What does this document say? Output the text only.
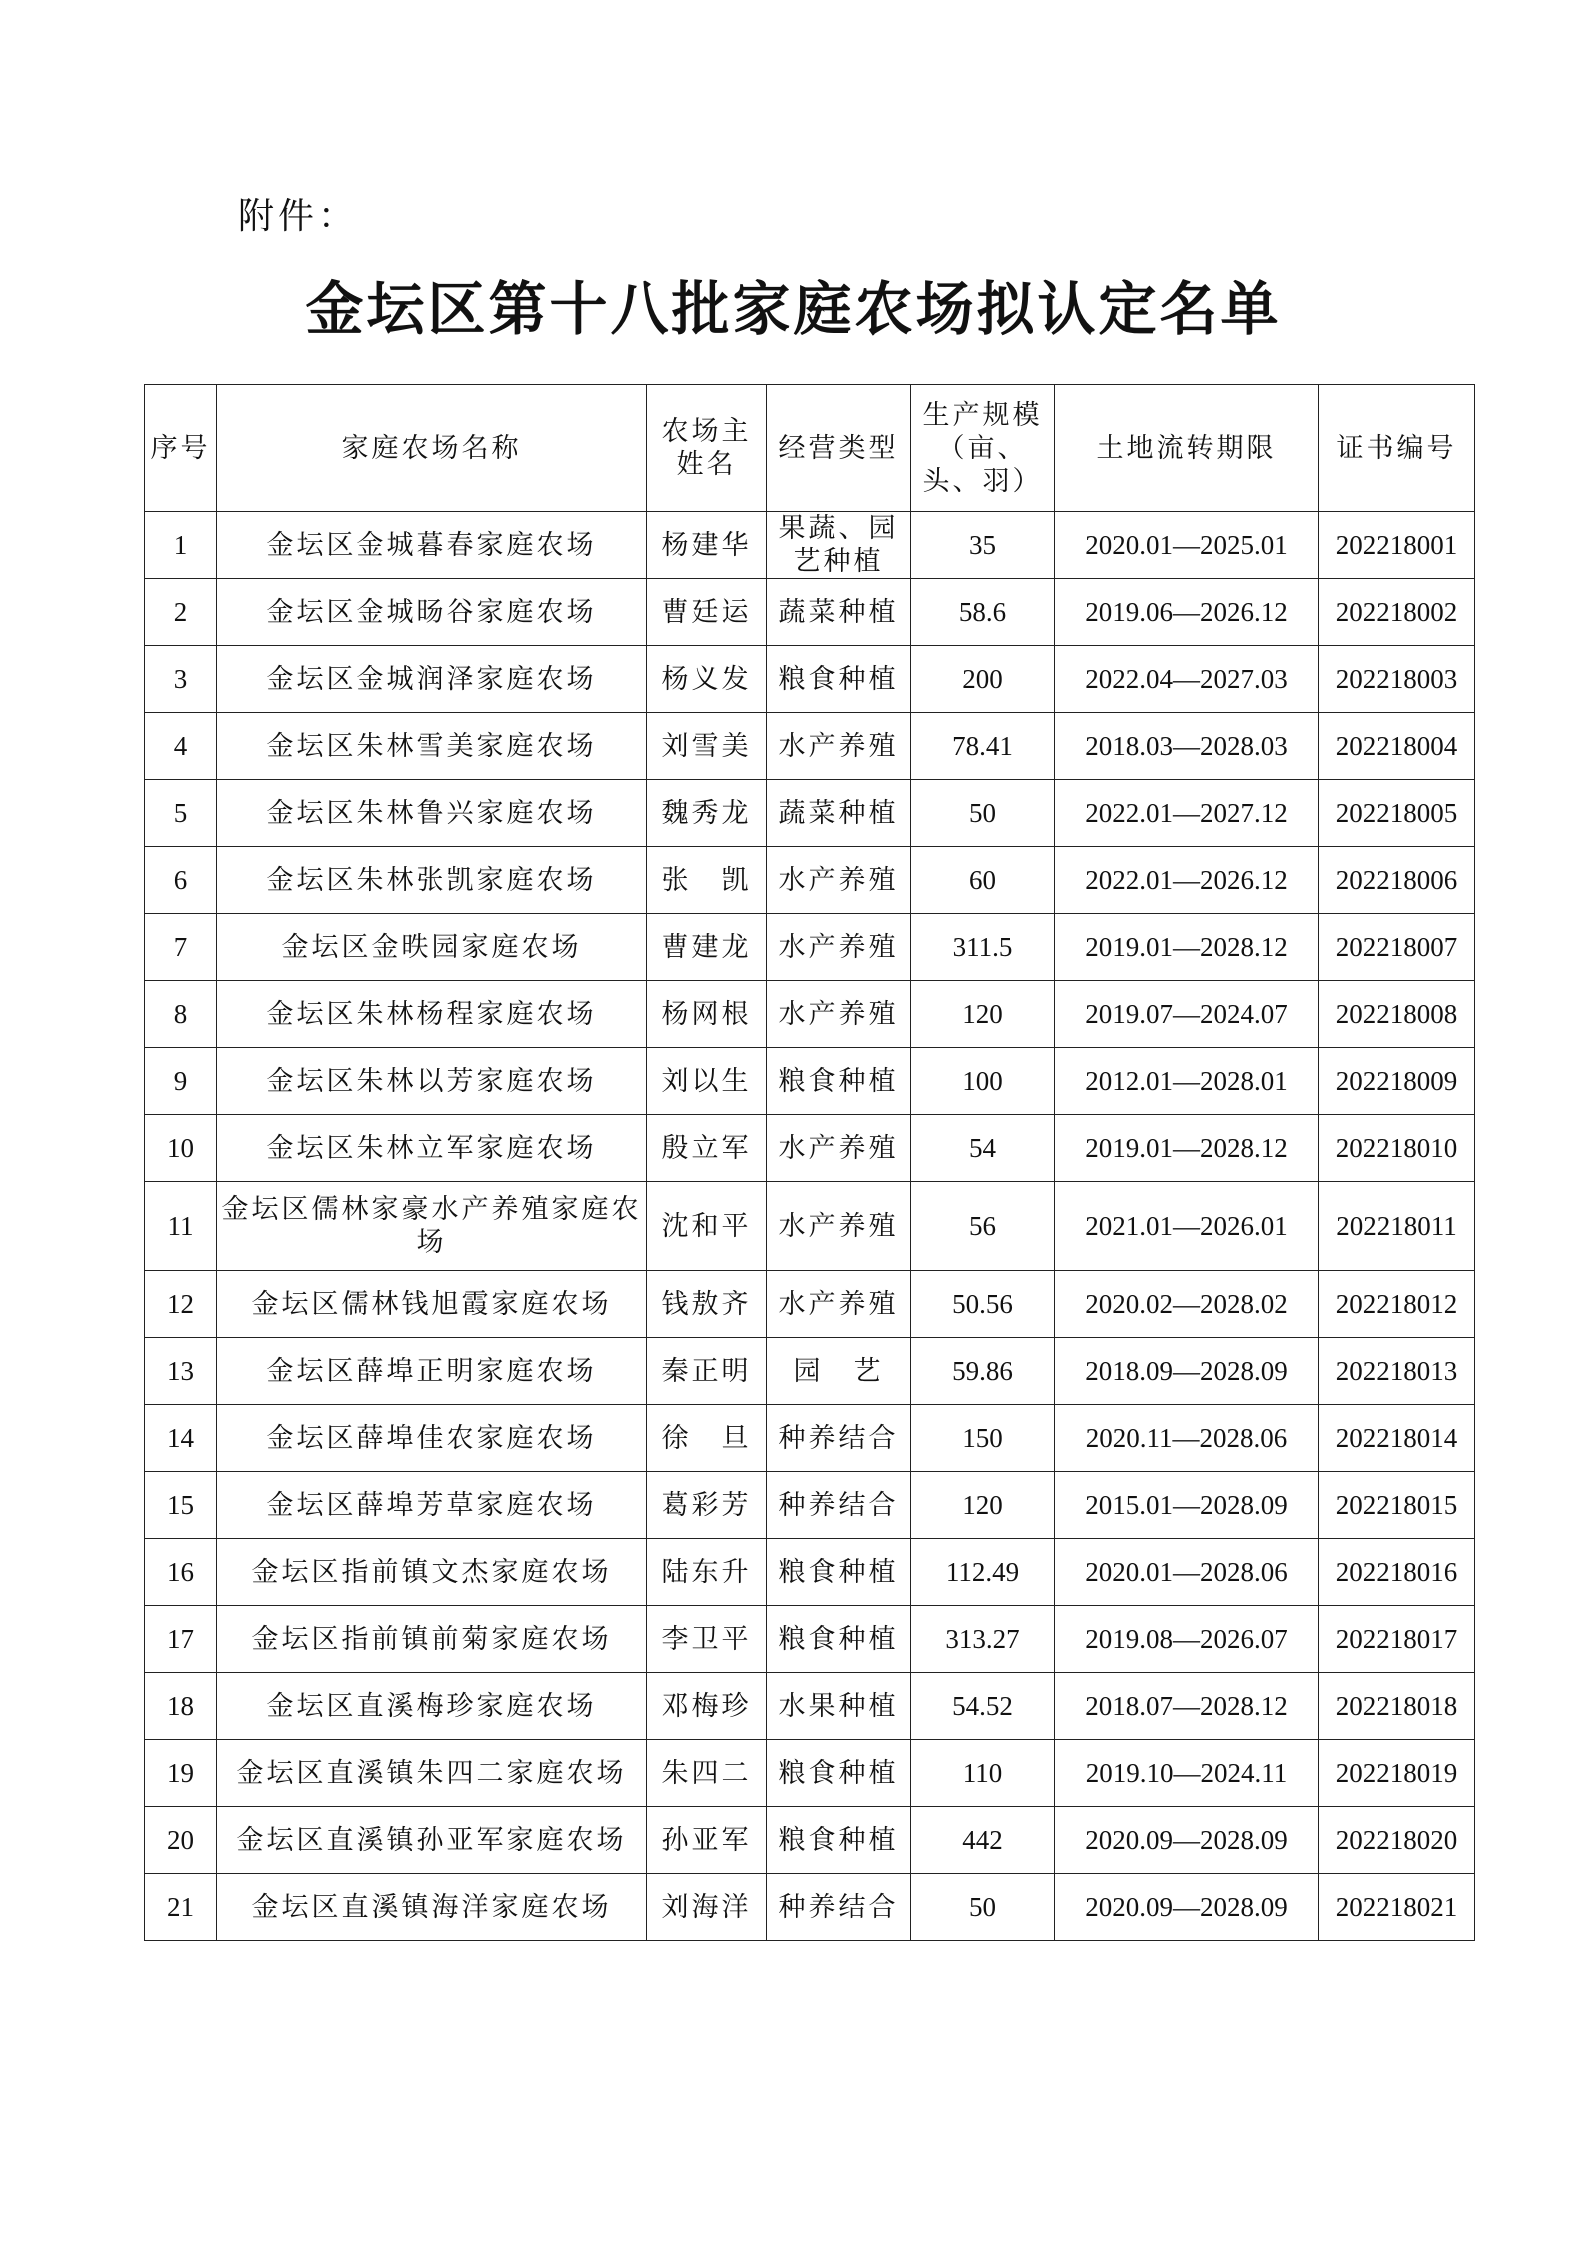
附件：
金坛区第十八批家庭农场拟认定名单
序号	家庭农场名称	农场主姓名	经营类型	生产规模（亩、头、羽）	土地流转期限	证书编号
1	金坛区金城暮春家庭农场	杨建华	果蔬、园艺种植	35	2020.01—2025.01	202218001
2	金坛区金城旸谷家庭农场	曹廷运	蔬菜种植	58.6	2019.06—2026.12	202218002
3	金坛区金城润泽家庭农场	杨义发	粮食种植	200	2022.04—2027.03	202218003
4	金坛区朱林雪美家庭农场	刘雪美	水产养殖	78.41	2018.03—2028.03	202218004
5	金坛区朱林鲁兴家庭农场	魏秀龙	蔬菜种植	50	2022.01—2027.12	202218005
6	金坛区朱林张凯家庭农场	张　凯	水产养殖	60	2022.01—2026.12	202218006
7	金坛区金昳园家庭农场	曹建龙	水产养殖	311.5	2019.01—2028.12	202218007
8	金坛区朱林杨程家庭农场	杨网根	水产养殖	120	2019.07—2024.07	202218008
9	金坛区朱林以芳家庭农场	刘以生	粮食种植	100	2012.01—2028.01	202218009
10	金坛区朱林立军家庭农场	殷立军	水产养殖	54	2019.01—2028.12	202218010
11	金坛区儒林家豪水产养殖家庭农场	沈和平	水产养殖	56	2021.01—2026.01	202218011
12	金坛区儒林钱旭霞家庭农场	钱敖齐	水产养殖	50.56	2020.02—2028.02	202218012
13	金坛区薛埠正明家庭农场	秦正明	园　艺	59.86	2018.09—2028.09	202218013
14	金坛区薛埠佳农家庭农场	徐　旦	种养结合	150	2020.11—2028.06	202218014
15	金坛区薛埠芳草家庭农场	葛彩芳	种养结合	120	2015.01—2028.09	202218015
16	金坛区指前镇文杰家庭农场	陆东升	粮食种植	112.49	2020.01—2028.06	202218016
17	金坛区指前镇前菊家庭农场	李卫平	粮食种植	313.27	2019.08—2026.07	202218017
18	金坛区直溪梅珍家庭农场	邓梅珍	水果种植	54.52	2018.07—2028.12	202218018
19	金坛区直溪镇朱四二家庭农场	朱四二	粮食种植	110	2019.10—2024.11	202218019
20	金坛区直溪镇孙亚军家庭农场	孙亚军	粮食种植	442	2020.09—2028.09	202218020
21	金坛区直溪镇海洋家庭农场	刘海洋	种养结合	50	2020.09—2028.09	202218021
